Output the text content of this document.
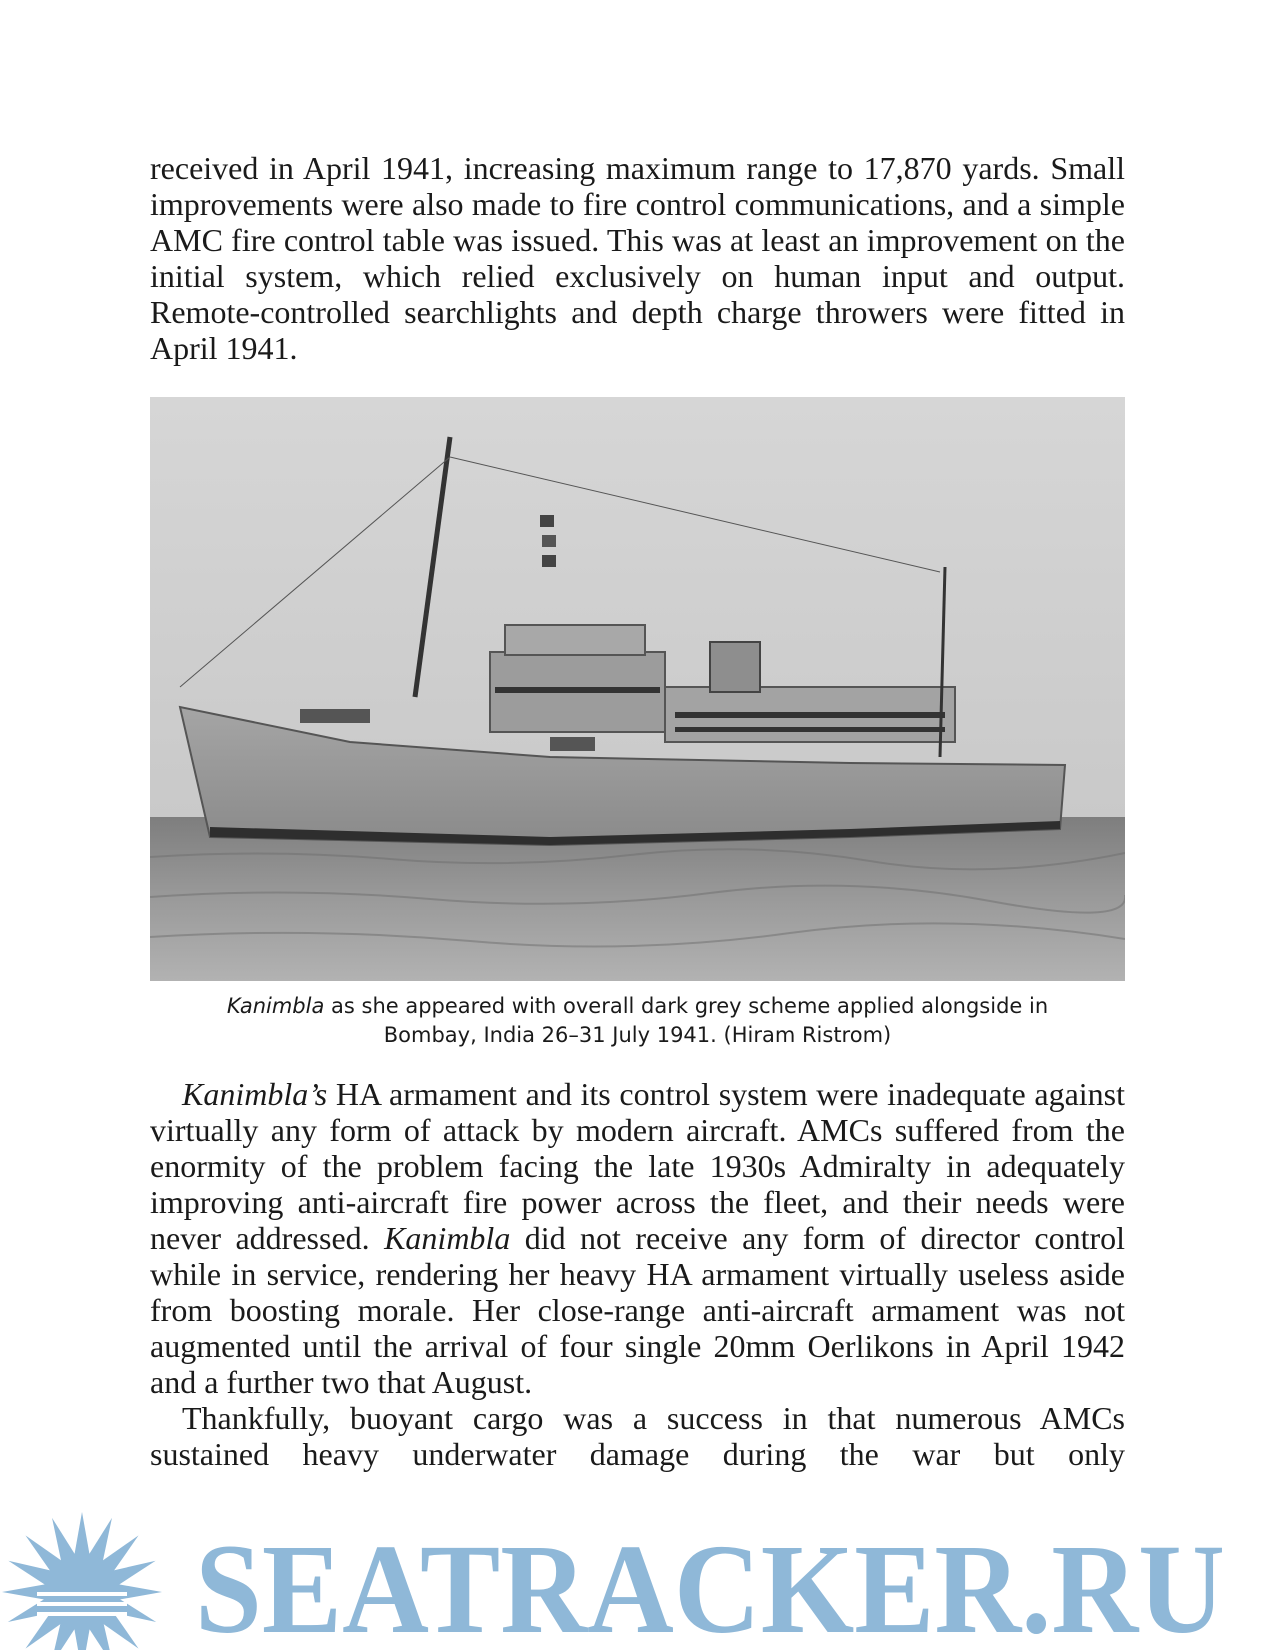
received in April 1941, increasing maximum range to 17,870 yards. Small improvements were also made to fire control communications, and a simple AMC fire control table was issued. This was at least an improvement on the initial system, which relied exclusively on human input and output. Remote-controlled searchlights and depth charge throwers were fitted in April 1941.

Kanimbla as she appeared with overall dark grey scheme applied alongside in
Bombay, India 26–31 July 1941. (Hiram Ristrom)

Kanimbla’s HA armament and its control system were inadequate against virtually any form of attack by modern aircraft. AMCs suffered from the enormity of the problem facing the late 1930s Admiralty in adequately improving anti-aircraft fire power across the fleet, and their needs were never addressed. Kanimbla did not receive any form of director control while in service, rendering her heavy HA armament virtually useless aside from boosting morale. Her close-range anti-aircraft armament was not augmented until the arrival of four single 20mm Oerlikons in April 1942 and a further two that August.

Thankfully, buoyant cargo was a success in that numerous AMCs sustained heavy underwater damage during the war but only

SEATRACKER.RU
